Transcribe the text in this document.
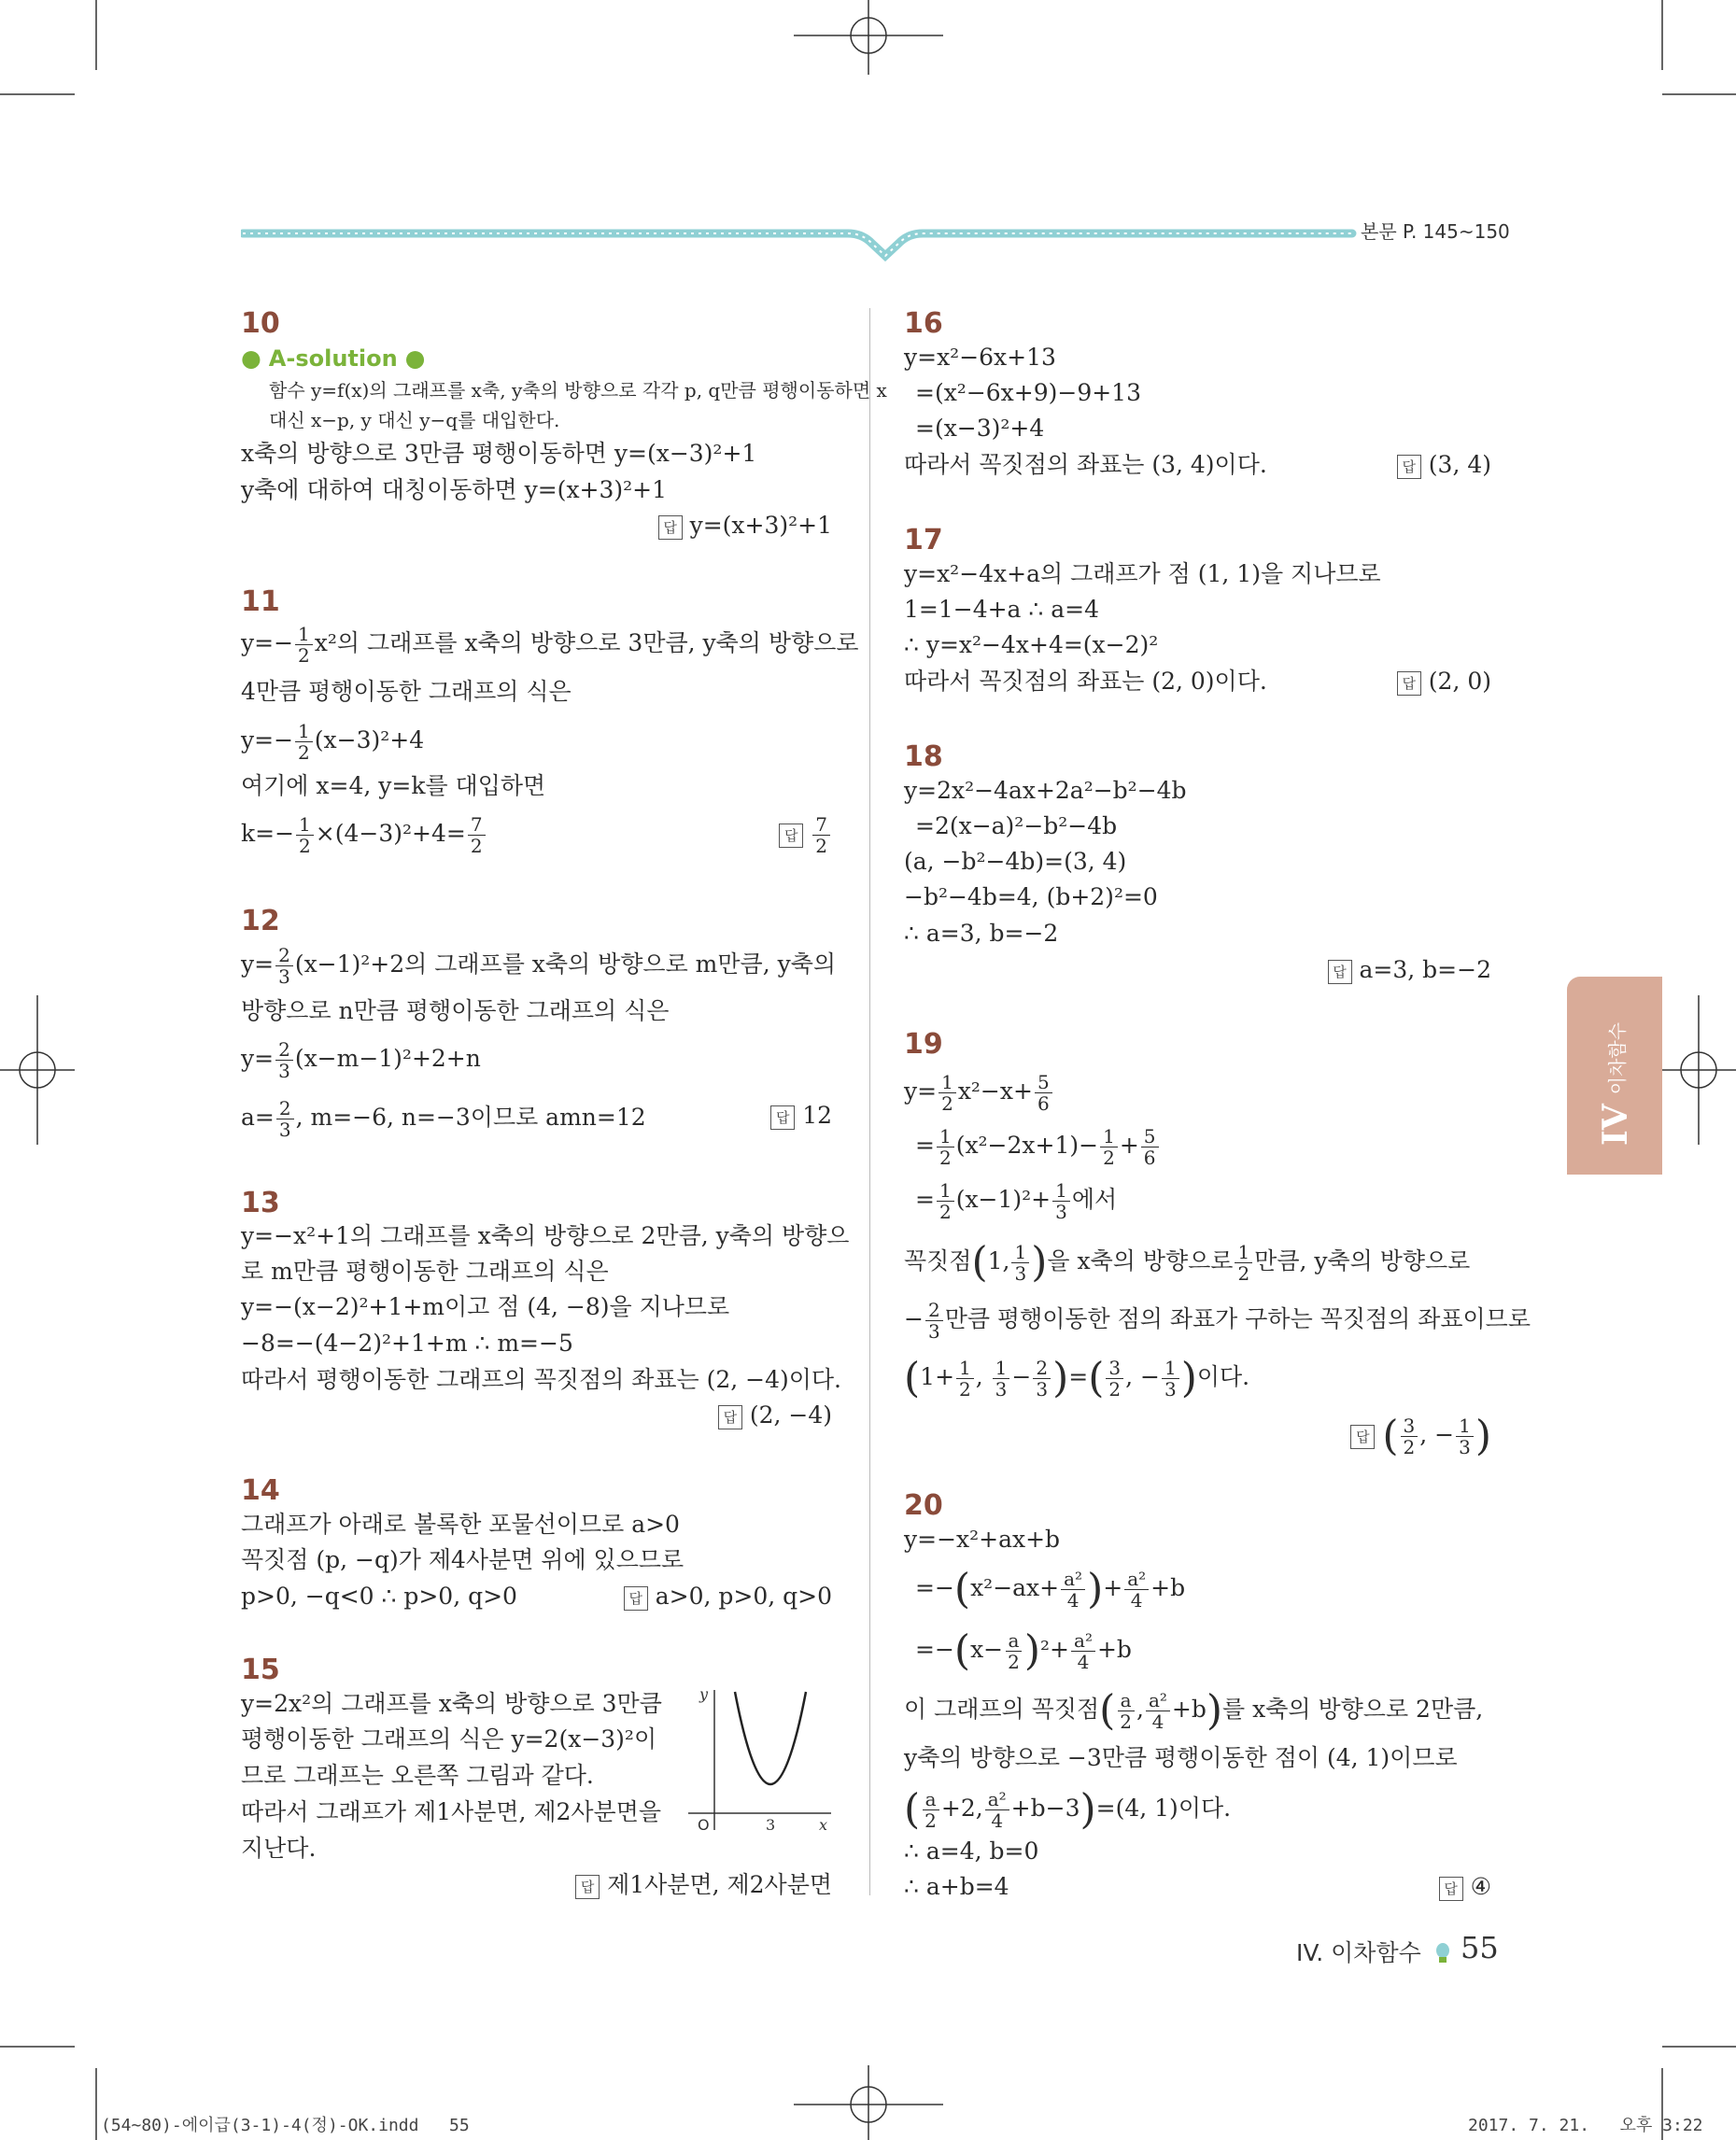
본문 P. 145~150
IV
이차함수
10
● A-solution ●
함수 y=f(x)의 그래프를 x축, y축의 방향으로 각각 p, q만큼 평행이동하면 x
대신 x−p, y 대신 y−q를 대입한다.
x축의 방향으로 3만큼 평행이동하면 y=(x−3)²+1
y축에 대하여 대칭이동하면 y=(x+3)²+1
답 y=(x+3)²+1
11
$y=- \frac{1}{2} x^2$의 그래프를 x축의 방향으로 3만큼, y축의 방향으로
4만큼 평행이동한 그래프의 식은
$y=- \frac{1}{2} (x-3)^2+4$
여기에 x=4, y=k를 대입하면
$k=- \frac{1}{2} \times(4-3)^2+4= \frac{7}{2}$	답 $\frac{7}{2}$
12
$y= \frac{2}{3} (x-1)^2+2$의 그래프를 x축의 방향으로 m만큼, y축의
방향으로 n만큼 평행이동한 그래프의 식은
$y= \frac{2}{3} (x-m-1)^2+2+n$
$a= \frac{2}{3}$ , m=−6, n=−3이므로 amn=12	답 12
13
y=−x²+1의 그래프를 x축의 방향으로 2만큼, y축의 방향으
로 m만큼 평행이동한 그래프의 식은
y=−(x−2)²+1+m이고 점 (4, −8)을 지나므로
−8=−(4−2)²+1+m ∴ m=−5
따라서 평행이동한 그래프의 꼭짓점의 좌표는 (2, −4)이다.
답 (2, −4)
14
그래프가 아래로 볼록한 포물선이므로 a>0
꼭짓점 (p, −q)가 제4사분면 위에 있으므로
p>0, −q<0 ∴ p>0, q>0	답 a>0, p>0, q>0
15
y=2x²의 그래프를 x축의 방향으로 3만큼
평행이동한 그래프의 식은 y=2(x−3)²이
므로 그래프는 오른쪽 그림과 같다.
따라서 그래프가 제1사분면, 제2사분면을
지난다.
y
x
O	3
답 제1사분면, 제2사분면
16
y=x²−6x+13
=(x²−6x+9)−9+13
=(x−3)²+4
따라서 꼭짓점의 좌표는 (3, 4)이다.	답 (3, 4)
17
y=x²−4x+a의 그래프가 점 (1, 1)을 지나므로
1=1−4+a ∴ a=4
∴ y=x²−4x+4=(x−2)²
따라서 꼭짓점의 좌표는 (2, 0)이다.	답 (2, 0)
18
y=2x²−4ax+2a²−b²−4b
=2(x−a)²−b²−4b
(a, −b²−4b)=(3, 4)
−b²−4b=4, (b+2)²=0
∴ a=3, b=−2
답 a=3, b=−2
19
$y= \frac{1}{2} x^2-x+ \frac{5}{6}$
= $\frac{1}{2} (x^2-2x+1)- \frac{1}{2} + \frac{5}{6}$
= $\frac{1}{2} (x-1)^2+ \frac{1}{3}$ 에서
꼭짓점(1, $\frac{1}{3}$ )을 x축의 방향으로 $\frac{1}{2}$ 만큼, y축의 방향으로
− $\frac{2}{3}$ 만큼 평행이동한 점의 좌표가 구하는 꼭짓점의 좌표이므로
($1+ \frac{1}{2}$ , $\frac{1}{3} - \frac{2}{3}$ )=( $\frac{3}{2}$ , − $\frac{1}{3}$ )이다.
답 ( $\frac{3}{2}$ , − $\frac{1}{3}$ )
20
y=−x²+ax+b
$=-(x^2-ax+ \frac{\text{a²}}{4}$ )+ $\frac{\text{a²}}{4} +b$
$=-(x- \frac{a}{2} )^2+ \frac{\text{a²}}{4} +b$
이 그래프의 꼭짓점( $\frac{a}{2}$ , $\frac{\text{a²}}{4} +b$)를 x축의 방향으로 2만큼,
y축의 방향으로 −3만큼 평행이동한 점이 (4, 1)이므로
( $\frac{a}{2} +2$, $\frac{\text{a²}}{4} +b-3)=(4$, 1)이다.
∴ a=4, b=0
∴ a+b=4	답 ④
IV. 이차함수	55
(54~80)-에이급(3-1)-4(정)-OK.indd   55	2017. 7. 21.   오후 3:22
